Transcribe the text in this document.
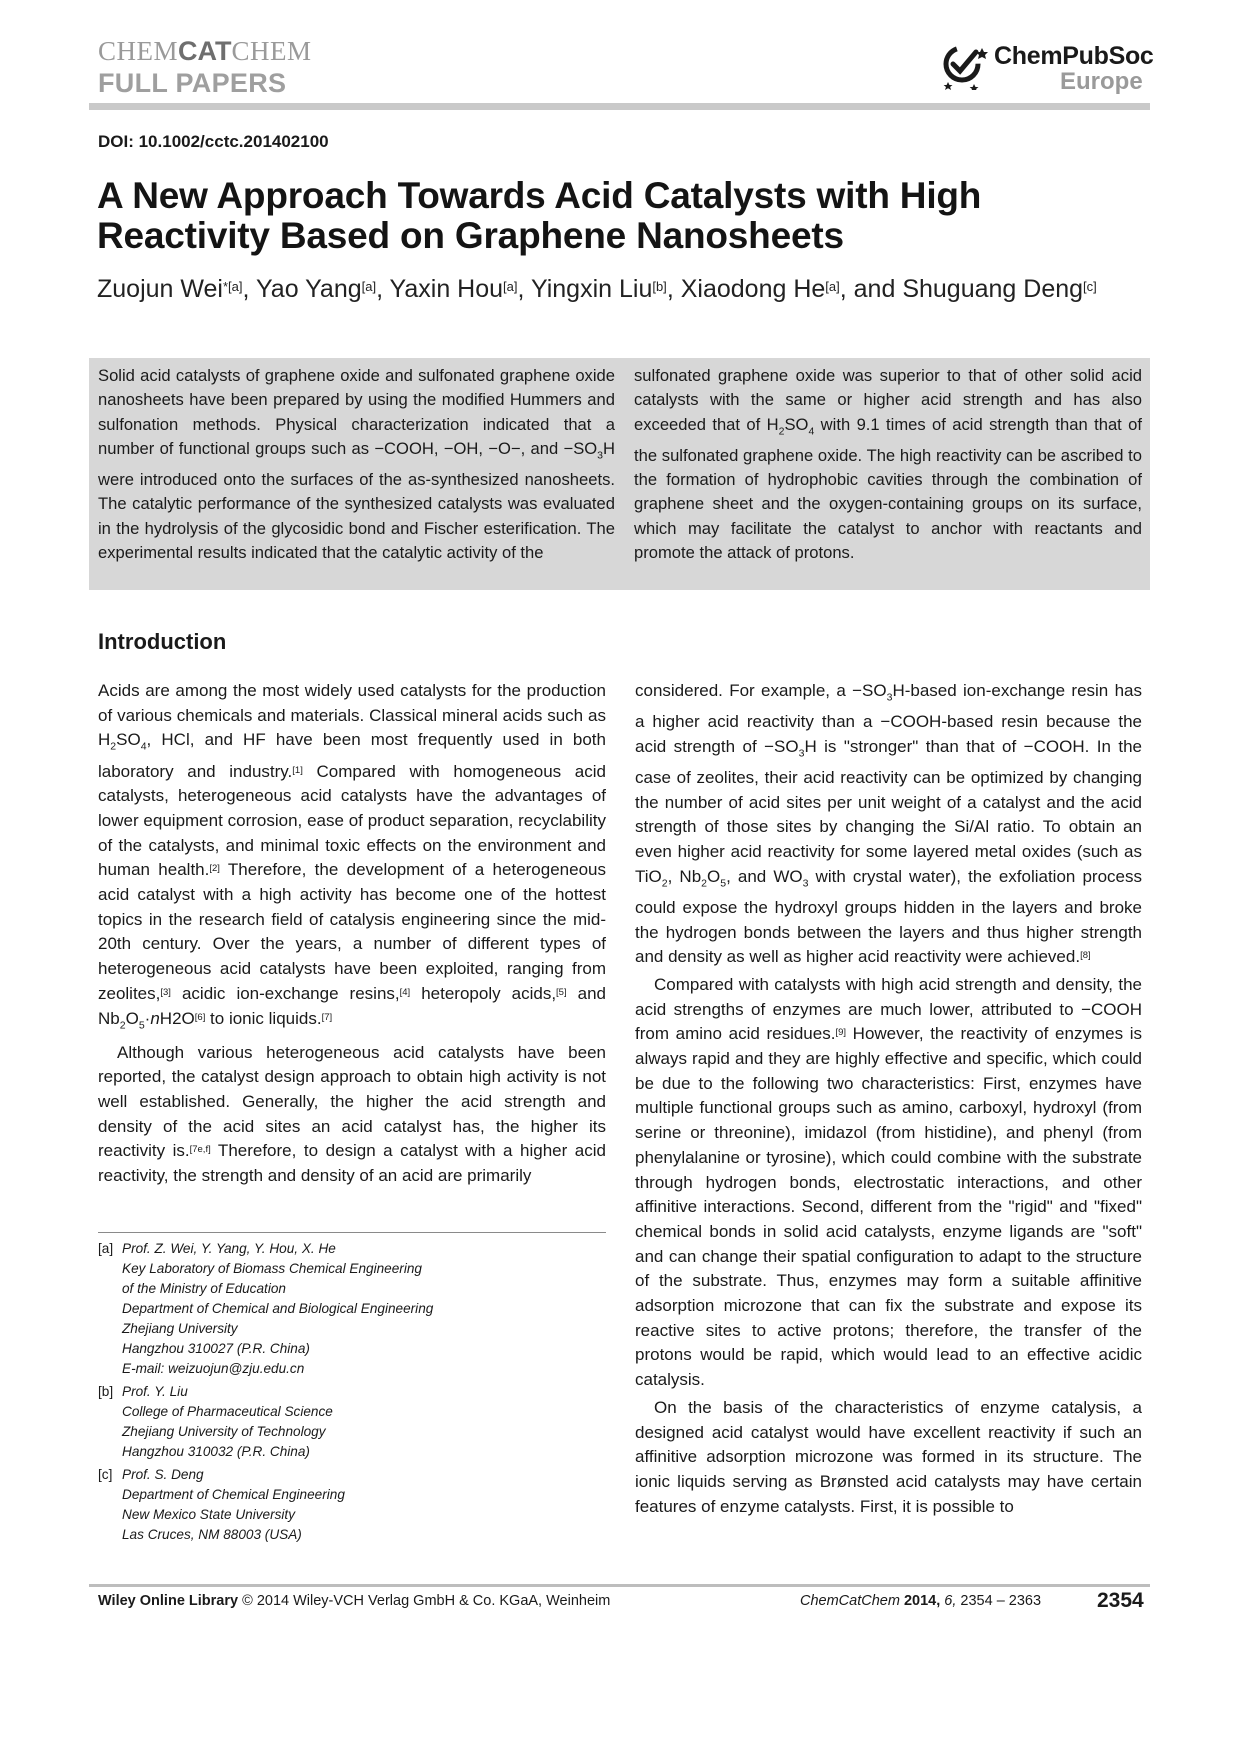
CHEMCATCHEM
FULL PAPERS
ChemPubSoc
Europe
DOI: 10.1002/cctc.201402100
A New Approach Towards Acid Catalysts with High Reactivity Based on Graphene Nanosheets
Zuojun Wei$^{*[a]}$, Yao Yang[a], Yaxin Hou[a], Yingxin Liu[b], Xiaodong He[a], and Shuguang Deng[c]

Solid acid catalysts of graphene oxide and sulfonated graphene oxide nanosheets have been prepared by using the modified Hummers and sulfonation methods. Physical characterization indicated that a number of functional groups such as −COOH, −OH, −O−, and $-SO_3H$ were introduced onto the surfaces of the as-synthesized nanosheets. The catalytic performance of the synthesized catalysts was evaluated in the hydrolysis of the glycosidic bond and Fischer esterification. The experimental results indicated that the catalytic activity of the

sulfonated graphene oxide was superior to that of other solid acid catalysts with the same or higher acid strength and has also exceeded that of $H_2SO_4$ with 9.1 times of acid strength than that of the sulfonated graphene oxide. The high reactivity can be ascribed to the formation of hydrophobic cavities through the combination of graphene sheet and the oxygen-containing groups on its surface, which may facilitate the catalyst to anchor with reactants and promote the attack of protons.

Introduction

Acids are among the most widely used catalysts for the production of various chemicals and materials. Classical mineral acids such as $H_2SO_4$, HCl, and HF have been most frequently used in both laboratory and industry.[1] Compared with homogeneous acid catalysts, heterogeneous acid catalysts have the advantages of lower equipment corrosion, ease of product separation, recyclability of the catalysts, and minimal toxic effects on the environment and human health.[2] Therefore, the development of a heterogeneous acid catalyst with a high activity has become one of the hottest topics in the research field of catalysis engineering since the mid-20th century. Over the years, a number of different types of heterogeneous acid catalysts have been exploited, ranging from zeolites,[3] acidic ion-exchange resins,[4] heteropoly acids,[5] and $Nb_2O_5\cdot nH2O[6]$ to ionic liquids.[7]

Although various heterogeneous acid catalysts have been reported, the catalyst design approach to obtain high activity is not well established. Generally, the higher the acid strength and density of the acid sites an acid catalyst has, the higher its reactivity is.[7e,f] Therefore, to design a catalyst with a higher acid reactivity, the strength and density of an acid are primarily

considered. For example, $a -SO_3H$-based ion-exchange resin has a higher acid reactivity than a −COOH-based resin because the acid strength of $-SO_3H$ is "stronger" than that of −COOH. In the case of zeolites, their acid reactivity can be optimized by changing the number of acid sites per unit weight of a catalyst and the acid strength of those sites by changing the Si/Al ratio. To obtain an even higher acid reactivity for some layered metal oxides (such as TiO$_2$, $Nb_2O_5$, and $WO_3$ with crystal water), the exfoliation process could expose the hydroxyl groups hidden in the layers and broke the hydrogen bonds between the layers and thus higher strength and density as well as higher acid reactivity were achieved.[8]

Compared with catalysts with high acid strength and density, the acid strengths of enzymes are much lower, attributed to −COOH from amino acid residues.[9] However, the reactivity of enzymes is always rapid and they are highly effective and specific, which could be due to the following two characteristics: First, enzymes have multiple functional groups such as amino, carboxyl, hydroxyl (from serine or threonine), imidazol (from histidine), and phenyl (from phenylalanine or tyrosine), which could combine with the substrate through hydrogen bonds, electrostatic interactions, and other affinitive interactions. Second, different from the "rigid" and "fixed" chemical bonds in solid acid catalysts, enzyme ligands are "soft" and can change their spatial configuration to adapt to the structure of the substrate. Thus, enzymes may form a suitable affinitive adsorption microzone that can fix the substrate and expose its reactive sites to active protons; therefore, the transfer of the protons would be rapid, which would lead to an effective acidic catalysis.

On the basis of the characteristics of enzyme catalysis, a designed acid catalyst would have excellent reactivity if such an affinitive adsorption microzone was formed in its structure. The ionic liquids serving as Brønsted acid catalysts may have certain features of enzyme catalysts. First, it is possible to

[a] Prof. Z. Wei, Y. Yang, Y. Hou, X. He
Key Laboratory of Biomass Chemical Engineering
of the Ministry of Education
Department of Chemical and Biological Engineering
Zhejiang University
Hangzhou 310027 (P.R. China)
E-mail: weizuojun@zju.edu.cn
[b] Prof. Y. Liu
College of Pharmaceutical Science
Zhejiang University of Technology
Hangzhou 310032 (P.R. China)
[c] Prof. S. Deng
Department of Chemical Engineering
New Mexico State University
Las Cruces, NM 88003 (USA)
Wiley Online Library © 2014 Wiley-VCH Verlag GmbH & Co. KGaA, Weinheim	ChemCatChem 2014, 6, 2354 – 2363	2354
